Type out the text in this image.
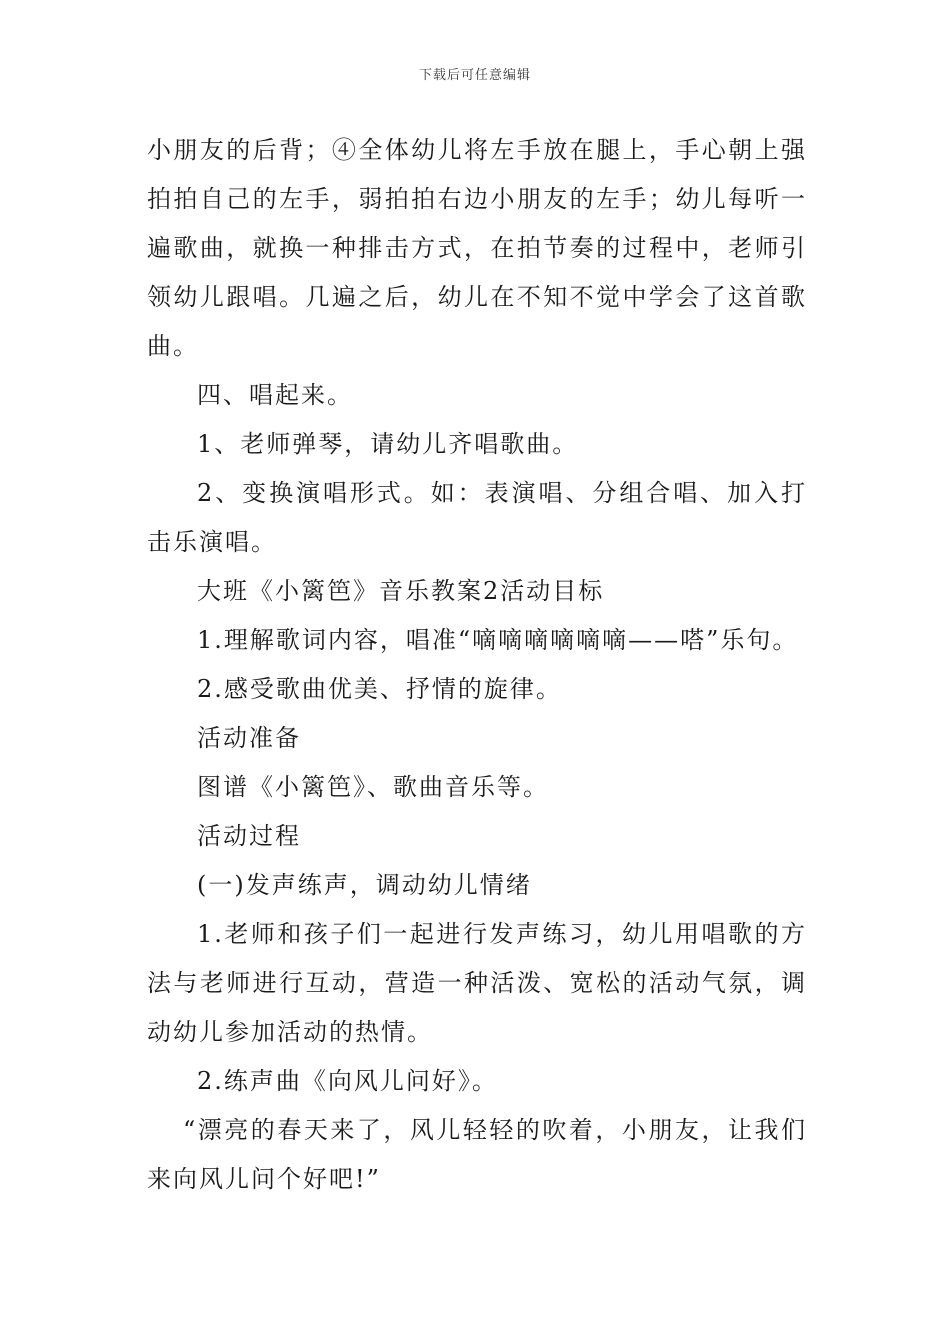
下载后可任意编辑

小朋友的后背；④全体幼儿将左手放在腿上，手心朝上强拍拍自己的左手，弱拍拍右边小朋友的左手；幼儿每听一遍歌曲，就换一种排击方式，在拍节奏的过程中，老师引领幼儿跟唱。几遍之后，幼儿在不知不觉中学会了这首歌曲。

四、唱起来。

1、老师弹琴，请幼儿齐唱歌曲。

2、变换演唱形式。如：表演唱、分组合唱、加入打击乐演唱。

大班《小篱笆》音乐教案2活动目标

1.理解歌词内容，唱准“嘀嘀嘀嘀嘀嘀——嗒”乐句。

2.感受歌曲优美、抒情的旋律。

活动准备

图谱《小篱笆》、歌曲音乐等。

活动过程

(一)发声练声，调动幼儿情绪

1.老师和孩子们一起进行发声练习，幼儿用唱歌的方法与老师进行互动，营造一种活泼、宽松的活动气氛，调动幼儿参加活动的热情。

2.练声曲《向风儿问好》。

“漂亮的春天来了，风儿轻轻的吹着，小朋友，让我们来向风儿问个好吧!”
